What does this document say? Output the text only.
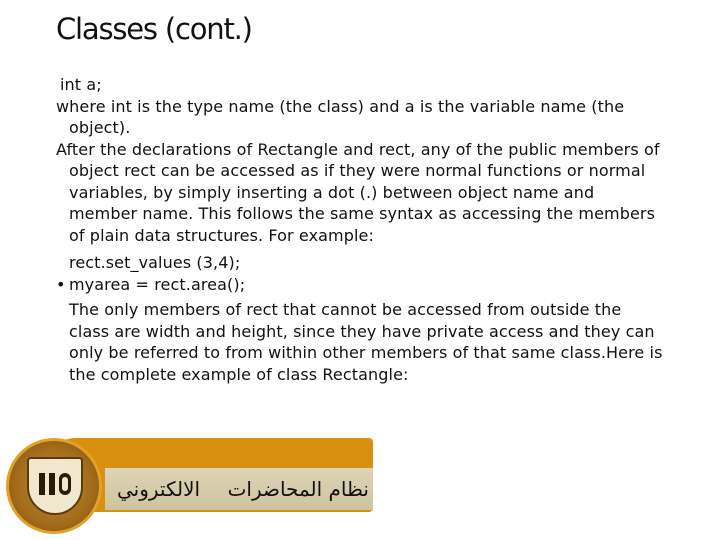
Classes (cont.)

int a;

where int is the type name (the class) and a is the variable name (the object).

After the declarations of Rectangle and rect, any of the public members of object rect can be accessed as if they were normal functions or normal variables, by simply inserting a dot (.) between object name and member name. This follows the same syntax as accessing the members of plain data structures. For example:

rect.set_values (3,4);

• myarea = rect.area();

The only members of rect that cannot be accessed from outside the class are width and height, since they have private access and they can only be referred to from within other members of that same class.Here is the complete example of class Rectangle:

الالكتروني نظام المحاضرات
